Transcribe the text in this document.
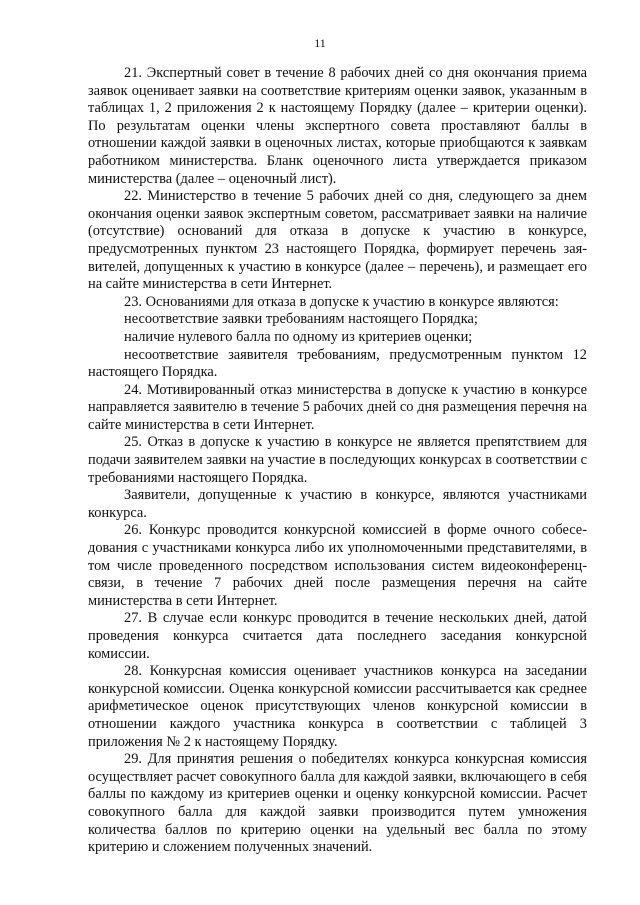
11

21. Экспертный совет в течение 8 рабочих дней со дня окончания приема заявок оценивает заявки на соответствие критериям оценки заявок, указанным в таблицах 1, 2 приложения 2 к настоящему Порядку (далее – критерии оценки). По результатам оценки члены экспертного совета проставляют баллы в отношении каждой заявки в оценочных листах, которые приобщаются к заявкам работником министерства. Бланк оценочного листа утверждается приказом министерства (далее – оценочный лист).

22. Министерство в течение 5 рабочих дней со дня, следующего за днем окончания оценки заявок экспертным советом, рассматривает заявки на наличие (отсутствие) оснований для отказа в допуске к участию в конкурсе, предусмотренных пунктом 23 настоящего Порядка, формирует перечень заявителей, допущенных к участию в конкурсе (далее – перечень), и размещает его на сайте министерства в сети Интернет.

23. Основаниями для отказа в допуске к участию в конкурсе являются:

несоответствие заявки требованиям настоящего Порядка;

наличие нулевого балла по одному из критериев оценки;

несоответствие заявителя требованиям, предусмотренным пунктом 12 настоящего Порядка.

24. Мотивированный отказ министерства в допуске к участию в конкурсе направляется заявителю в течение 5 рабочих дней со дня размещения перечня на сайте министерства в сети Интернет.

25. Отказ в допуске к участию в конкурсе не является препятствием для подачи заявителем заявки на участие в последующих конкурсах в соответствии с требованиями настоящего Порядка.

Заявители, допущенные к участию в конкурсе, являются участниками конкурса.

26. Конкурс проводится конкурсной комиссией в форме очного собеседования с участниками конкурса либо их уполномоченными представителями, в том числе проведенного посредством использования систем видеоконференц-связи, в течение 7 рабочих дней после размещения перечня на сайте министерства в сети Интернет.

27. В случае если конкурс проводится в течение нескольких дней, датой проведения конкурса считается дата последнего заседания конкурсной комиссии.

28. Конкурсная комиссия оценивает участников конкурса на заседании конкурсной комиссии. Оценка конкурсной комиссии рассчитывается как среднее арифметическое оценок присутствующих членов конкурсной комиссии в отношении каждого участника конкурса в соответствии с таблицей 3 приложения № 2 к настоящему Порядку.

29. Для принятия решения о победителях конкурса конкурсная комиссия осуществляет расчет совокупного балла для каждой заявки, включающего в себя баллы по каждому из критериев оценки и оценку конкурсной комиссии. Расчет совокупного балла для каждой заявки производится путем умножения количества баллов по критерию оценки на удельный вес балла по этому критерию и сложением полученных значений.
